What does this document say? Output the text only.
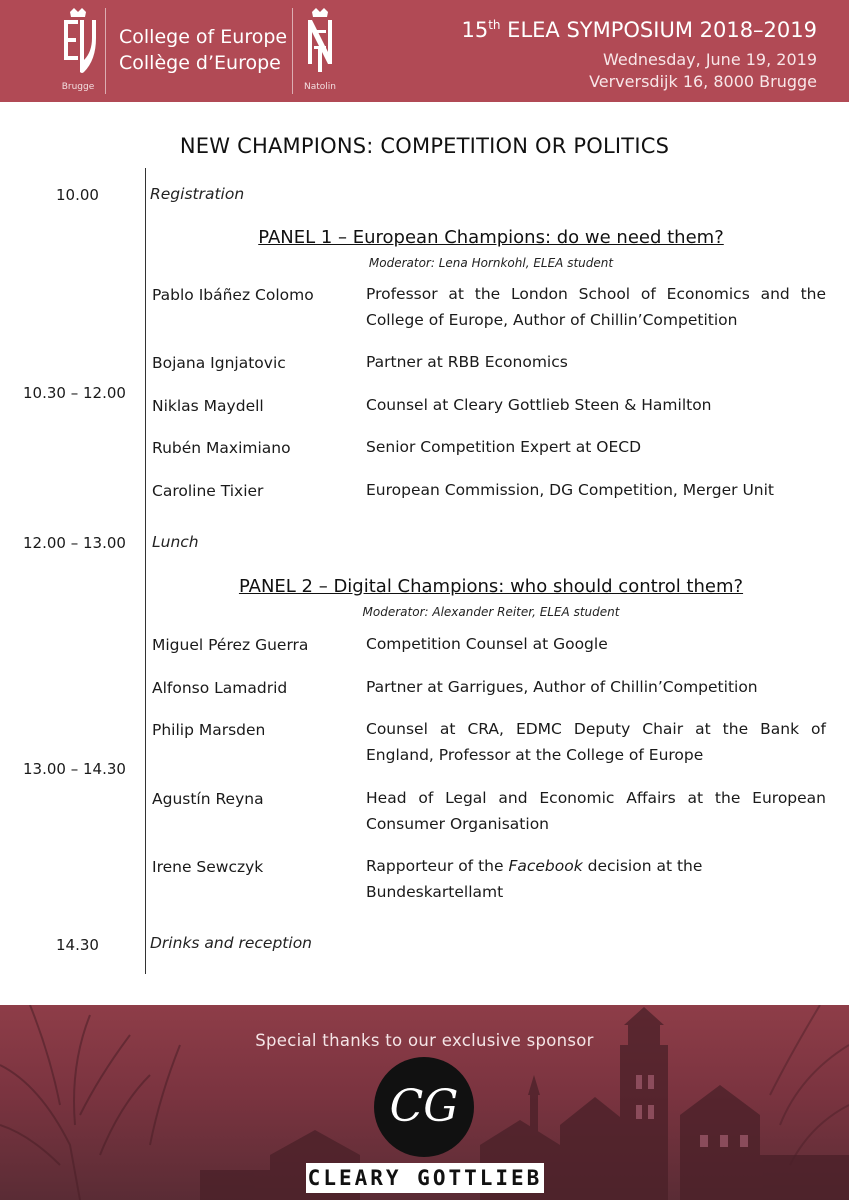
Brugge
College of Europe
Collège d’Europe
Natolin
15th ELEA SYMPOSIUM 2018–2019
Wednesday, June 19, 2019
Verversdijk 16, 8000 Brugge
NEW CHAMPIONS: COMPETITION OR POLITICS
10.00	Registration
PANEL 1 – European Champions: do we need them?
Moderator: Lena Hornkohl, ELEA student
10.30 – 12.00
Pablo Ibáñez Colomo	Professor at the London School of Economics and the College of Europe, Author of Chillin’Competition
Bojana Ignjatovic	Partner at RBB Economics
Niklas Maydell	Counsel at Cleary Gottlieb Steen & Hamilton
Rubén Maximiano	Senior Competition Expert at OECD
Caroline Tixier	European Commission, DG Competition, Merger Unit
12.00 – 13.00 Lunch
PANEL 2 – Digital Champions: who should control them?
Moderator: Alexander Reiter, ELEA student
13.00 – 14.30
Miguel Pérez Guerra	Competition Counsel at Google
Alfonso Lamadrid	Partner at Garrigues, Author of Chillin’Competition
Philip Marsden	Counsel at CRA, EDMC Deputy Chair at the Bank of England, Professor at the College of Europe
Agustín Reyna	Head of Legal and Economic Affairs at the European Consumer Organisation
Irene Sewczyk	Rapporteur of the Facebook decision at the Bundeskartellamt
14.30	Drinks and reception
Special thanks to our exclusive sponsor
CG
CLEARY GOTTLIEB
